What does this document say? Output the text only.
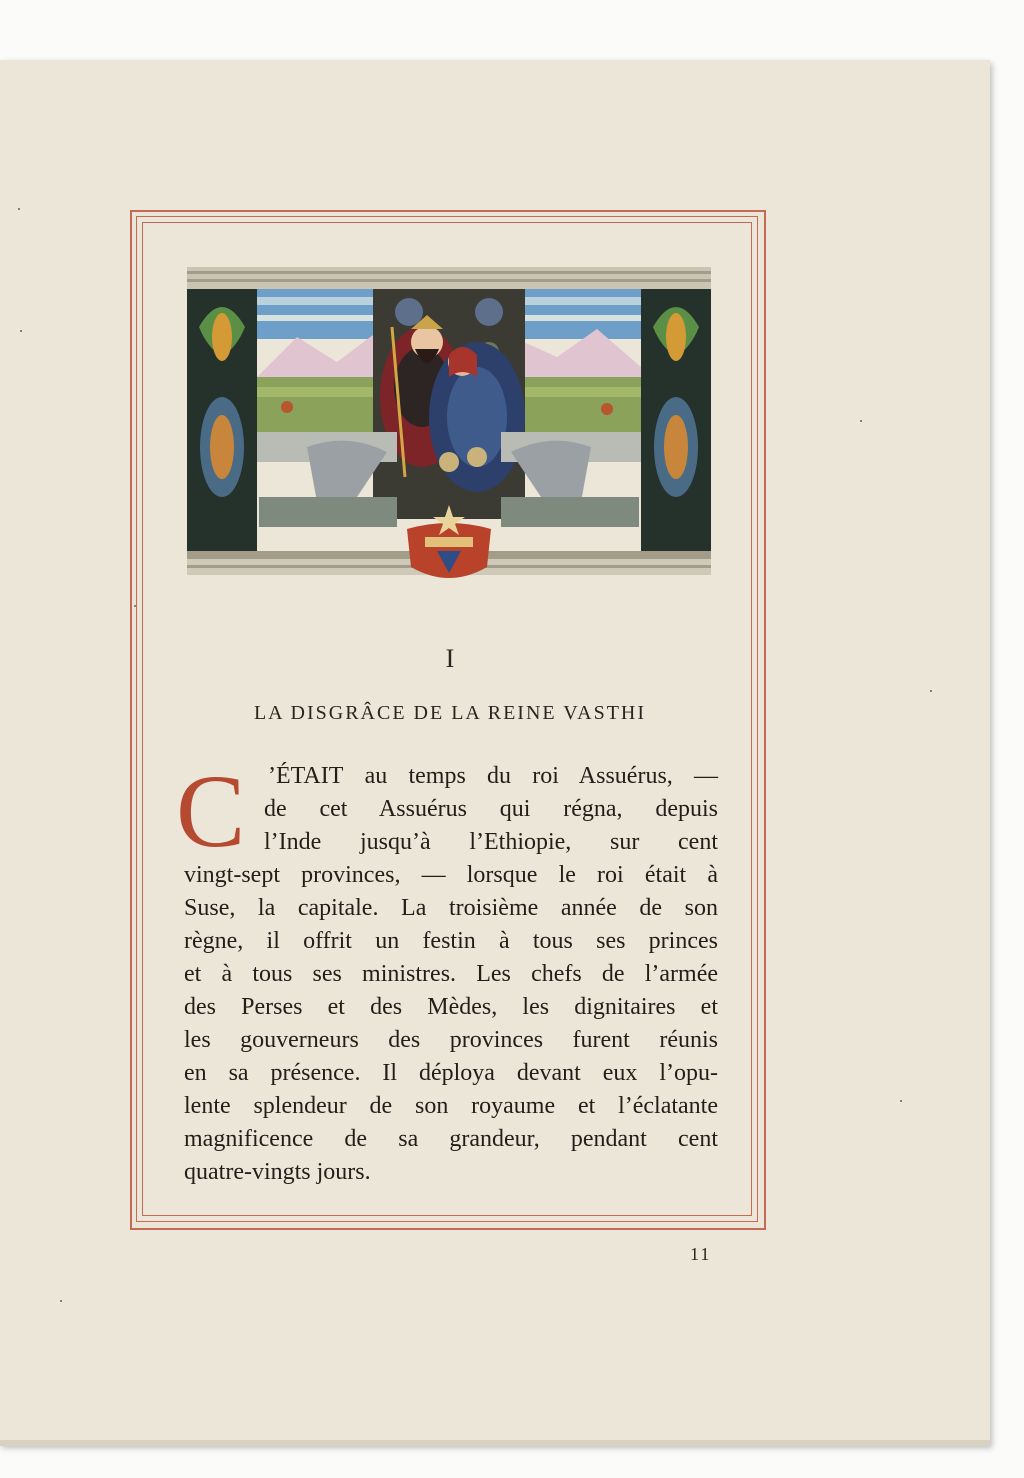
I
LA DISGRÂCE DE LA REINE VASTHI
C ’ÉTAIT au temps du roi Assuérus, —
de cet Assuérus qui régna, depuis
l’Inde jusqu’à l’Ethiopie, sur cent
vingt-sept provinces, — lorsque le roi était à
Suse, la capitale. La troisième année de son
règne, il offrit un festin à tous ses princes
et à tous ses ministres. Les chefs de l’armée
des Perses et des Mèdes, les dignitaires et
les gouverneurs des provinces furent réunis
en sa présence. Il déploya devant eux l’opu-
lente splendeur de son royaume et l’éclatante
magnificence de sa grandeur, pendant cent
quatre-vingts jours.
11
